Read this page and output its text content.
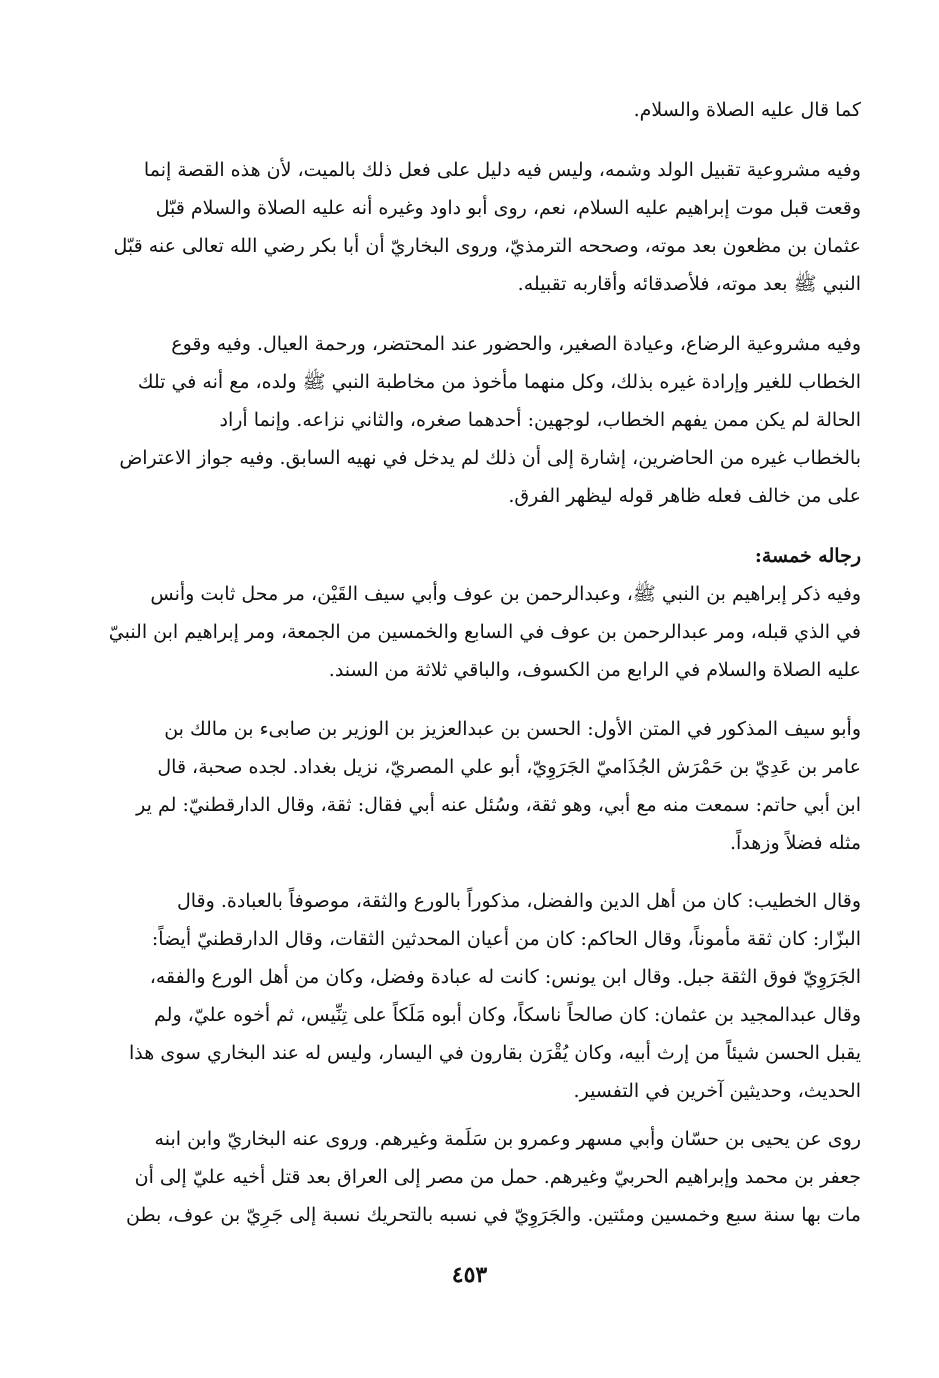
كما قال عليه الصلاة والسلام.
وفيه مشروعية تقبيل الولد وشمه، وليس فيه دليل على فعل ذلك بالميت، لأن هذه القصة إنما
وقعت قبل موت إبراهيم عليه السلام، نعم، روى أبو داود وغيره أنه عليه الصلاة والسلام قبّل
عثمان بن مظعون بعد موته، وصححه الترمذيّ، وروى البخاريّ أن أبا بكر رضي الله تعالى عنه قبّل
النبي ﷺ بعد موته، فلأصدقائه وأقاربه تقبيله.
وفيه مشروعية الرضاع، وعيادة الصغير، والحضور عند المحتضر، ورحمة العيال. وفيه وقوع
الخطاب للغير وإرادة غيره بذلك، وكل منهما مأخوذ من مخاطبة النبي ﷺ ولده، مع أنه في تلك
الحالة لم يكن ممن يفهم الخطاب، لوجهين: أحدهما صغره، والثاني نزاعه. وإنما أراد
بالخطاب غيره من الحاضرين، إشارة إلى أن ذلك لم يدخل في نهيه السابق. وفيه جواز الاعتراض
على من خالف فعله ظاهر قوله ليظهر الفرق.
رجاله خمسة:
وفيه ذكر إبراهيم بن النبي ﷺ، وعبدالرحمن بن عوف وأبي سيف القَيْن، مر محل ثابت وأنس
في الذي قبله، ومر عبدالرحمن بن عوف في السابع والخمسين من الجمعة، ومر إبراهيم ابن النبيّ
عليه الصلاة والسلام في الرابع من الكسوف، والباقي ثلاثة من السند.
وأبو سيف المذكور في المتن الأول: الحسن بن عبدالعزيز بن الوزير بن صابىء بن مالك بن
عامر بن عَدِيّ بن حَمْرَش الجُذَاميّ الجَرَوِيّ، أبو علي المصريّ، نزيل بغداد. لجده صحبة، قال
ابن أبي حاتم: سمعت منه مع أبي، وهو ثقة، وسُئل عنه أبي فقال: ثقة، وقال الدارقطنيّ: لم ير
مثله فضلاً وزهداً.
وقال الخطيب: كان من أهل الدين والفضل، مذكوراً بالورع والثقة، موصوفاً بالعبادة. وقال
البزّار: كان ثقة مأموناً، وقال الحاكم: كان من أعيان المحدثين الثقات، وقال الدارقطنيّ أيضاً:
الجَرَوِيّ فوق الثقة جبل. وقال ابن يونس: كانت له عبادة وفضل، وكان من أهل الورع والفقه،
وقال عبدالمجيد بن عثمان: كان صالحاً ناسكاً، وكان أبوه مَلَكاً على تِنِّيس، ثم أخوه عليّ، ولم
يقبل الحسن شيئاً من إرث أبيه، وكان يُقْرَن بقارون في اليسار، وليس له عند البخاري سوى هذا
الحديث، وحديثين آخرين في التفسير.
روى عن يحيى بن حسّان وأبي مسهر وعمرو بن سَلَمة وغيرهم. وروى عنه البخاريّ وابن ابنه
جعفر بن محمد وإبراهيم الحربيّ وغيرهم. حمل من مصر إلى العراق بعد قتل أخيه عليّ إلى أن
مات بها سنة سبع وخمسين ومئتين. والجَرَوِيّ في نسبه بالتحريك نسبة إلى جَرِيّ بن عوف، بطن
٤٥٣
